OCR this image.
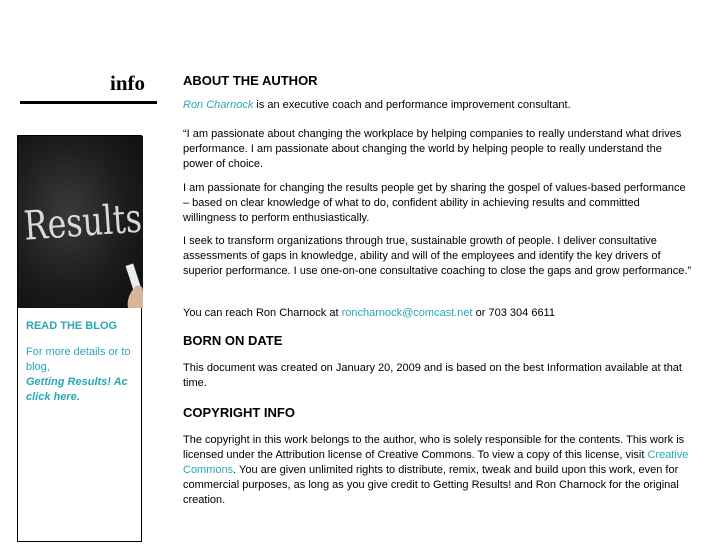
info
Results
READ THE BLOG
For more details or to
blog,
Getting Results! Ac
click here.
ABOUT THE AUTHOR
Ron Charnock is an executive coach and performance improvement consultant.
“I am passionate about changing the workplace by helping companies to really understand what drives performance. I am passionate about changing the world by helping people to really understand the power of choice.
I am passionate for changing the results people get by sharing the gospel of values-based performance – based on clear knowledge of what to do, confident ability in achieving results and committed willingness to perform enthusiastically.
I seek to transform organizations through true, sustainable growth of people. I deliver consultative assessments of gaps in knowledge, ability and will of the employees and identify the key drivers of superior performance. I use one-on-one consultative coaching to close the gaps and grow performance.”
You can reach Ron Charnock at roncharnock@comcast.net or 703 304 6611
BORN ON DATE
This document was created on January 20, 2009 and is based on the best Information available at that time.
COPYRIGHT INFO
The copyright in this work belongs to the author, who is solely responsible for the contents. This work is licensed under the Attribution license of Creative Commons. To view a copy of this license, visit Creative Commons. You are given unlimited rights to distribute, remix, tweak and build upon this work, even for commercial purposes, as long as you give credit to Getting Results! and Ron Charnock for the original creation.
